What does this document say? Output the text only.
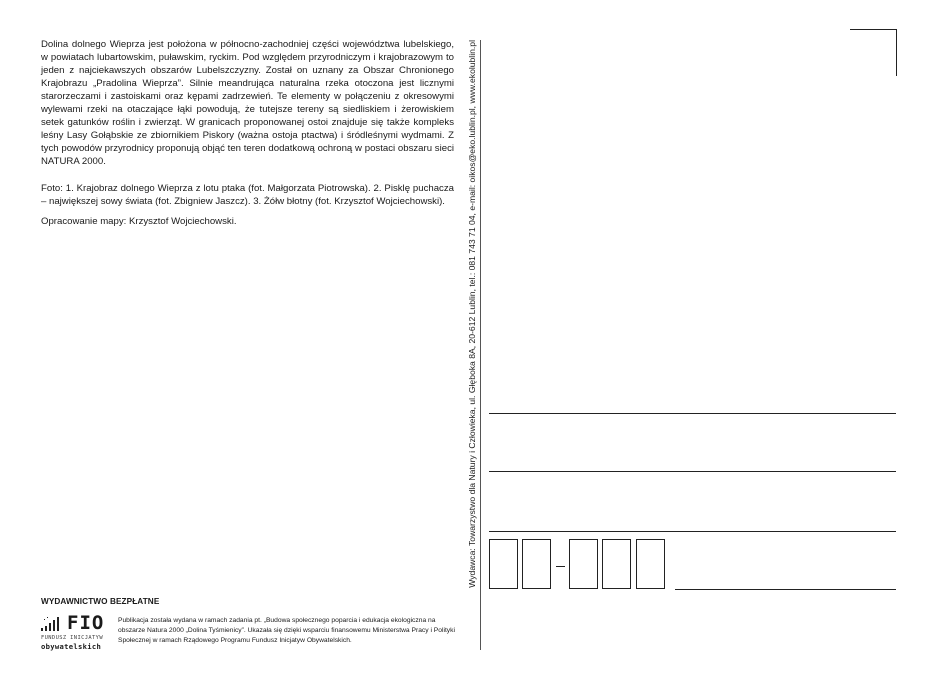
Dolina dolnego Wieprza jest położona w północno-zachodniej części województwa lubelskiego, w powiatach lubartowskim, puławskim, ryckim. Pod względem przyrodniczym i krajobrazowym to jeden z najciekawszych obszarów Lubelszczyzny. Został on uznany za Obszar Chronionego Krajobrazu „Pradolina Wieprza”. Silnie meandrująca naturalna rzeka otoczona jest licznymi starorzeczami i zastoiskami oraz kępami zadrzewień. Te elementy w połączeniu z okresowymi wylewami rzeki na otaczające łąki powodują, że tutejsze tereny są siedliskiem i żerowiskiem setek gatunków roślin i zwierząt. W granicach proponowanej ostoi znajduje się także kompleks leśny Lasy Gołąbskie ze zbiornikiem Piskory (ważna ostoja ptactwa) i śródleśnymi wydmami. Z tych powodów przyrodnicy proponują objąć ten teren dodatkową ochroną w postaci obszaru sieci NATURA 2000.

Foto: 1. Krajobraz dolnego Wieprza z lotu ptaka (fot. Małgorzata Piotrowska). 2. Pisklę puchacza – największej sowy świata (fot. Zbigniew Jaszcz). 3. Żółw błotny (fot. Krzysztof Wojciechowski).

Opracowanie mapy: Krzysztof Wojciechowski.

WYDAWNICTWO BEZPŁATNE
FIO
FUNDUSZ INICJATYW
obywatelskich

Publikacja została wydana w ramach zadania pt. „Budowa społecznego poparcia i edukacja ekologiczna na obszarze Natura 2000 „Dolina Tyśmienicy”. Ukazała się dzięki wsparciu finansowemu Ministerstwa Pracy i Polityki Społecznej w ramach Rządowego Programu Fundusz Inicjatyw Obywatelskich.

Wydawca: Towarzystwo dla Natury i Człowieka, ul. Głęboka 8A, 20-612 Lublin, tel.: 081 743 71 04, e-mail: oikos@eko.lublin.pl, www.ekolublin.pl
